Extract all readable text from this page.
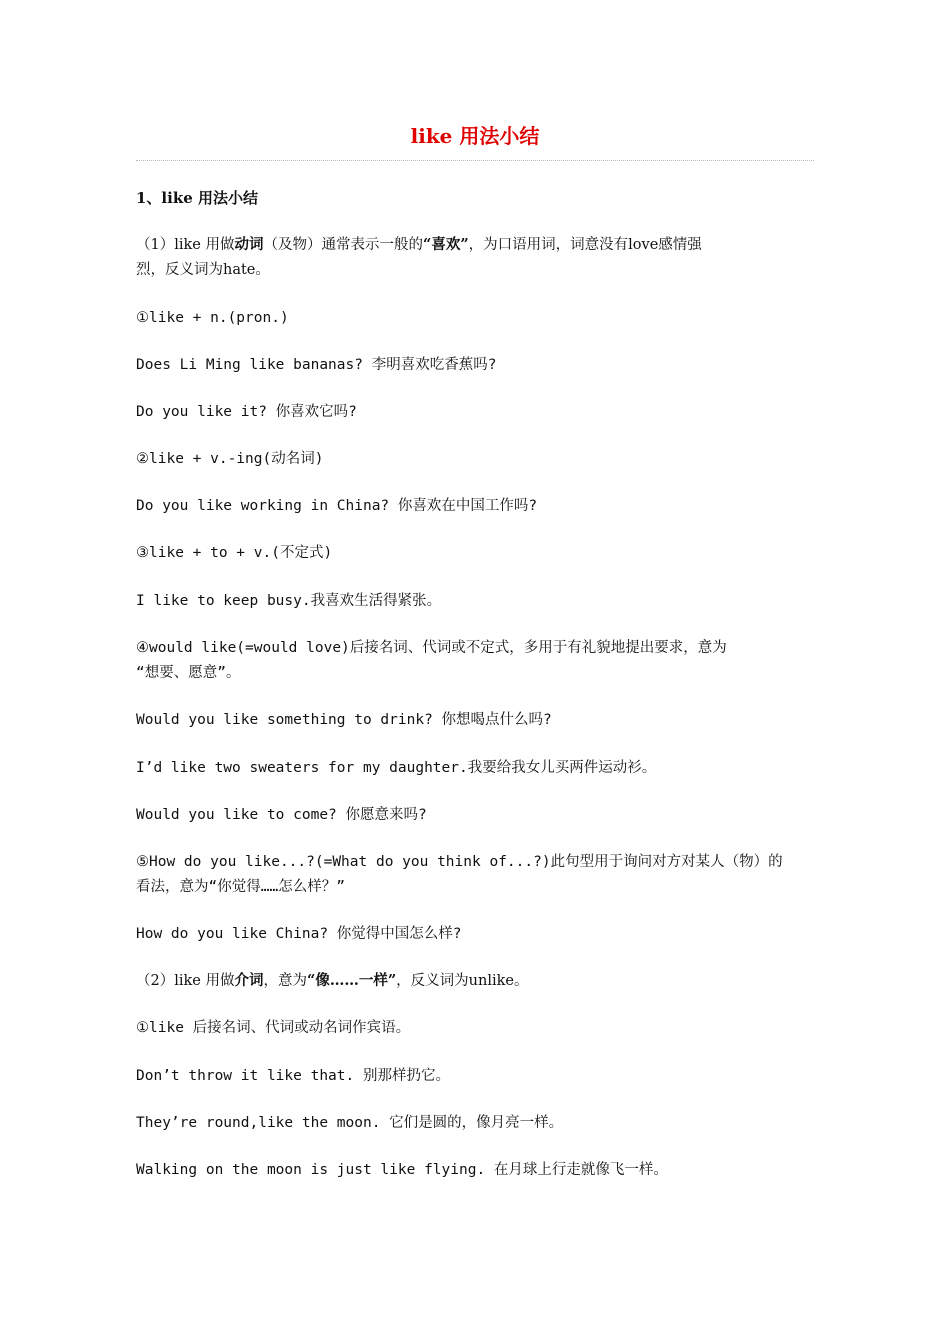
like 用法小结
1、like 用法小结
（1）like 用做动词（及物）通常表示一般的“喜欢”，为口语用词，词意没有love感情强
烈，反义词为hate。
①like + n.(pron.)
Does Li Ming like bananas? 李明喜欢吃香蕉吗?
Do you like it? 你喜欢它吗?
②like + v.-ing(动名词)
Do you like working in China? 你喜欢在中国工作吗?
③like + to + v.(不定式)
I like to keep busy.我喜欢生活得紧张。
④would like(=would love)后接名词、代词或不定式，多用于有礼貌地提出要求，意为
“想要、愿意”。
Would you like something to drink? 你想喝点什么吗?
I’d like two sweaters for my daughter.我要给我女儿买两件运动衫。
Would you like to come? 你愿意来吗?
⑤How do you like...?(=What do you think of...?)此句型用于询问对方对某人（物）的
看法，意为“你觉得……怎么样？”
How do you like China? 你觉得中国怎么样?
（2）like 用做介词，意为“像……一样”，反义词为unlike。
①like 后接名词、代词或动名词作宾语。
Don’t throw it like that. 别那样扔它。
They’re round,like the moon. 它们是圆的，像月亮一样。
Walking on the moon is just like flying. 在月球上行走就像飞一样。
